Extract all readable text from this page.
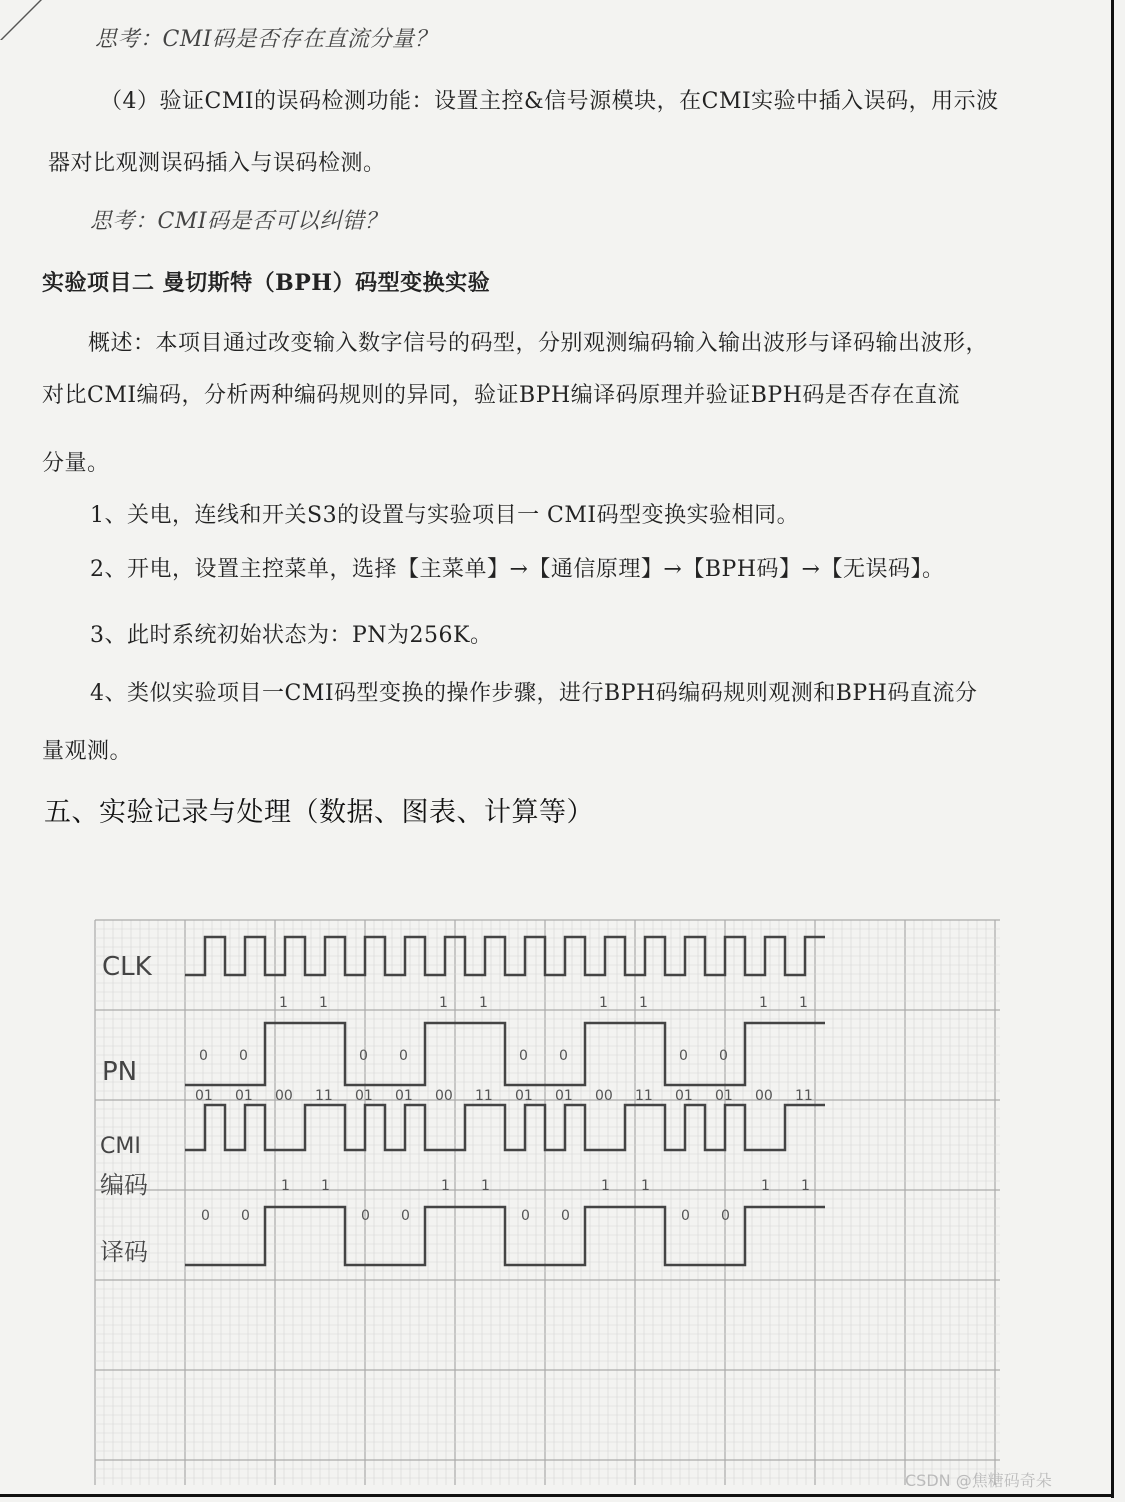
思考：CMI码是否存在直流分量？
（4）验证CMI的误码检测功能：设置主控&信号源模块，在CMI实验中插入误码，用示波
器对比观测误码插入与误码检测。
思考：CMI码是否可以纠错？
实验项目二 曼切斯特（BPH）码型变换实验
概述：本项目通过改变输入数字信号的码型，分别观测编码输入输出波形与译码输出波形，
对比CMI编码，分析两种编码规则的异同，验证BPH编译码原理并验证BPH码是否存在直流
分量。
1、关电，连线和开关S3的设置与实验项目一 CMI码型变换实验相同。
2、开电，设置主控菜单，选择【主菜单】→【通信原理】→【BPH码】→【无误码】。
3、此时系统初始状态为：PN为256K。
4、类似实验项目一CMI码型变换的操作步骤，进行BPH码编码规则观测和BPH码直流分
量观测。
五、实验记录与处理（数据、图表、计算等）
CLK
PN
CMI
编码
译码
0 0
1 1
0 0
1 1
0 0
1 1
0 0
1 1
01 01 00 11 01 01 00 11 01 01 00 11 01 01 00 11
0 0
1 1
0 0
1 1
0 0
1 1
0 0
1 1
CSDN @焦糖码奇朵
